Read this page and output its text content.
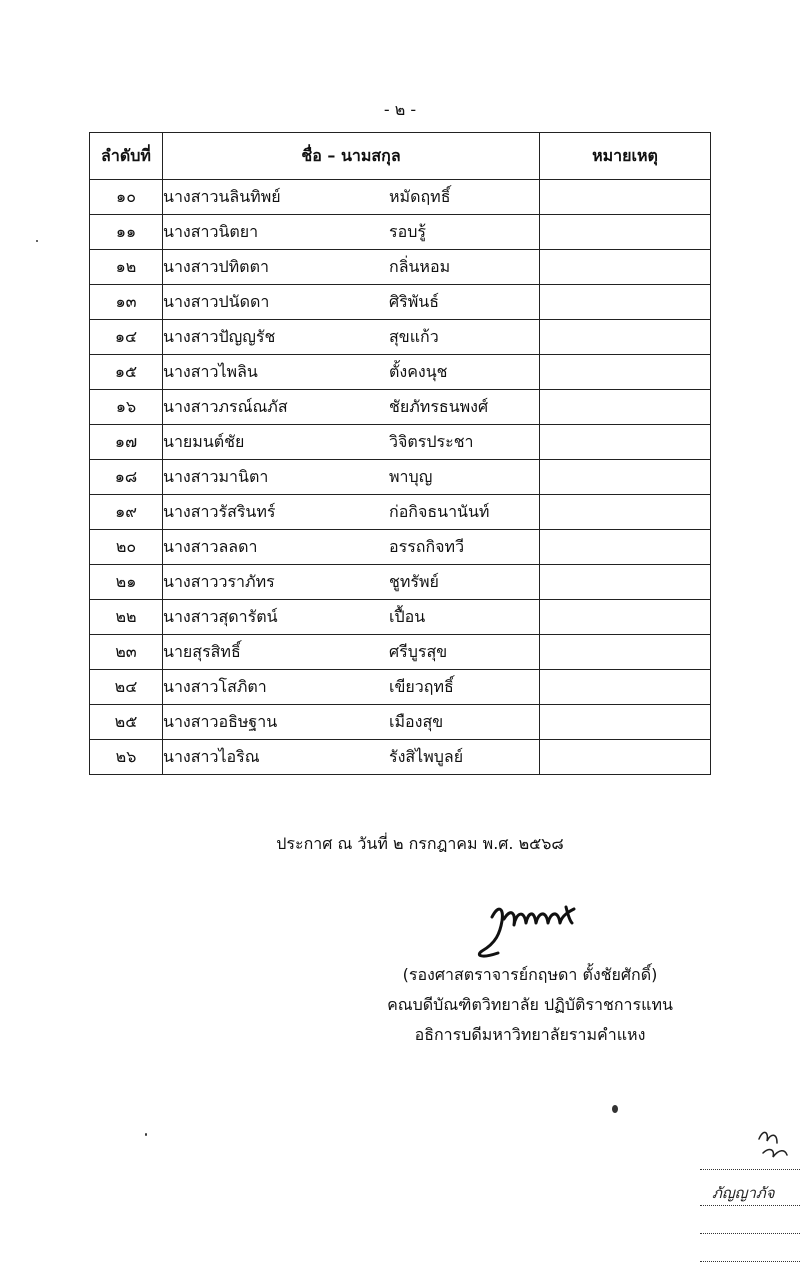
- ๒ -
ลำดับที่	ชื่อ – นามสกุล	หมายเหตุ
๑๐	นางสาวนลินทิพย์ หมัดฤทธิ์	
๑๑	นางสาวนิตยา รอบรู้	
๑๒	นางสาวปทิตตา กลิ่นหอม	
๑๓	นางสาวปนัดดา ศิริพันธ์	
๑๔	นางสาวปัญญรัช สุขแก้ว	
๑๕	นางสาวไพลิน ตั้งคงนุช	
๑๖	นางสาวภรณ์ณภัส ชัยภัทรธนพงศ์	
๑๗	นายมนต์ชัย วิจิตรประชา	
๑๘	นางสาวมานิตา พาบุญ	
๑๙	นางสาวรัสรินทร์ ก่อกิจธนานันท์	
๒๐	นางสาวลลดา อรรถกิจทวี	
๒๑	นางสาววราภัทร ชูทรัพย์	
๒๒	นางสาวสุดารัตน์ เปื้อน	
๒๓	นายสุรสิทธิ์ ศรีบูรสุข	
๒๔	นางสาวโสภิตา เขียวฤทธิ์	
๒๕	นางสาวอธิษฐาน เมืองสุข	
๒๖	นางสาวไอริณ รังสิไพบูลย์	
ประกาศ ณ วันที่ ๒ กรกฎาคม พ.ศ. ๒๕๖๘
(รองศาสตราจารย์กฤษดา ตั้งชัยศักดิ์)
คณบดีบัณฑิตวิทยาลัย ปฏิบัติราชการแทน
อธิการบดีมหาวิทยาลัยรามคำแหง
ภัญญาภัจ
